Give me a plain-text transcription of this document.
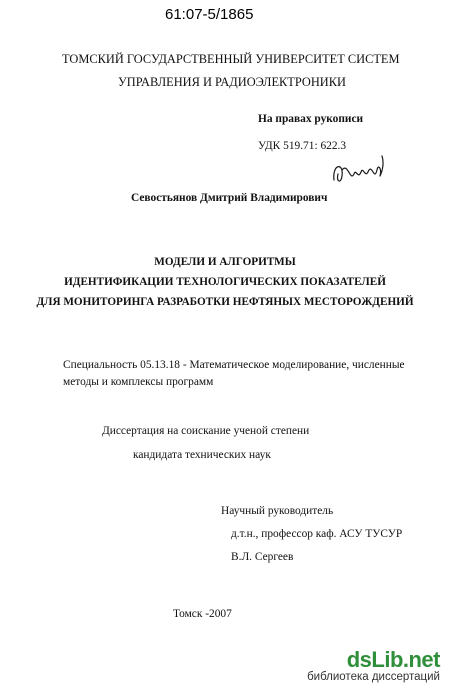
61:07-5/1865
ТОМСКИЙ ГОСУДАРСТВЕННЫЙ УНИВЕРСИТЕТ СИСТЕМ
УПРАВЛЕНИЯ И РАДИОЭЛЕКТРОНИКИ
На правах рукописи
УДК 519.71: 622.3
Севостьянов Дмитрий Владимирович
МОДЕЛИ И АЛГОРИТМЫ
ИДЕНТИФИКАЦИИ ТЕХНОЛОГИЧЕСКИХ ПОКАЗАТЕЛЕЙ
ДЛЯ МОНИТОРИНГА РАЗРАБОТКИ НЕФТЯНЫХ МЕСТОРОЖДЕНИЙ
Специальность 05.13.18 - Математическое моделирование, численные
методы и комплексы программ
Диссертация на соискание ученой степени
кандидата технических наук
Научный руководитель
д.т.н., профессор каф. АСУ ТУСУР
В.Л. Сергеев
Томск -2007
dsLib.net
библиотека диссертаций
